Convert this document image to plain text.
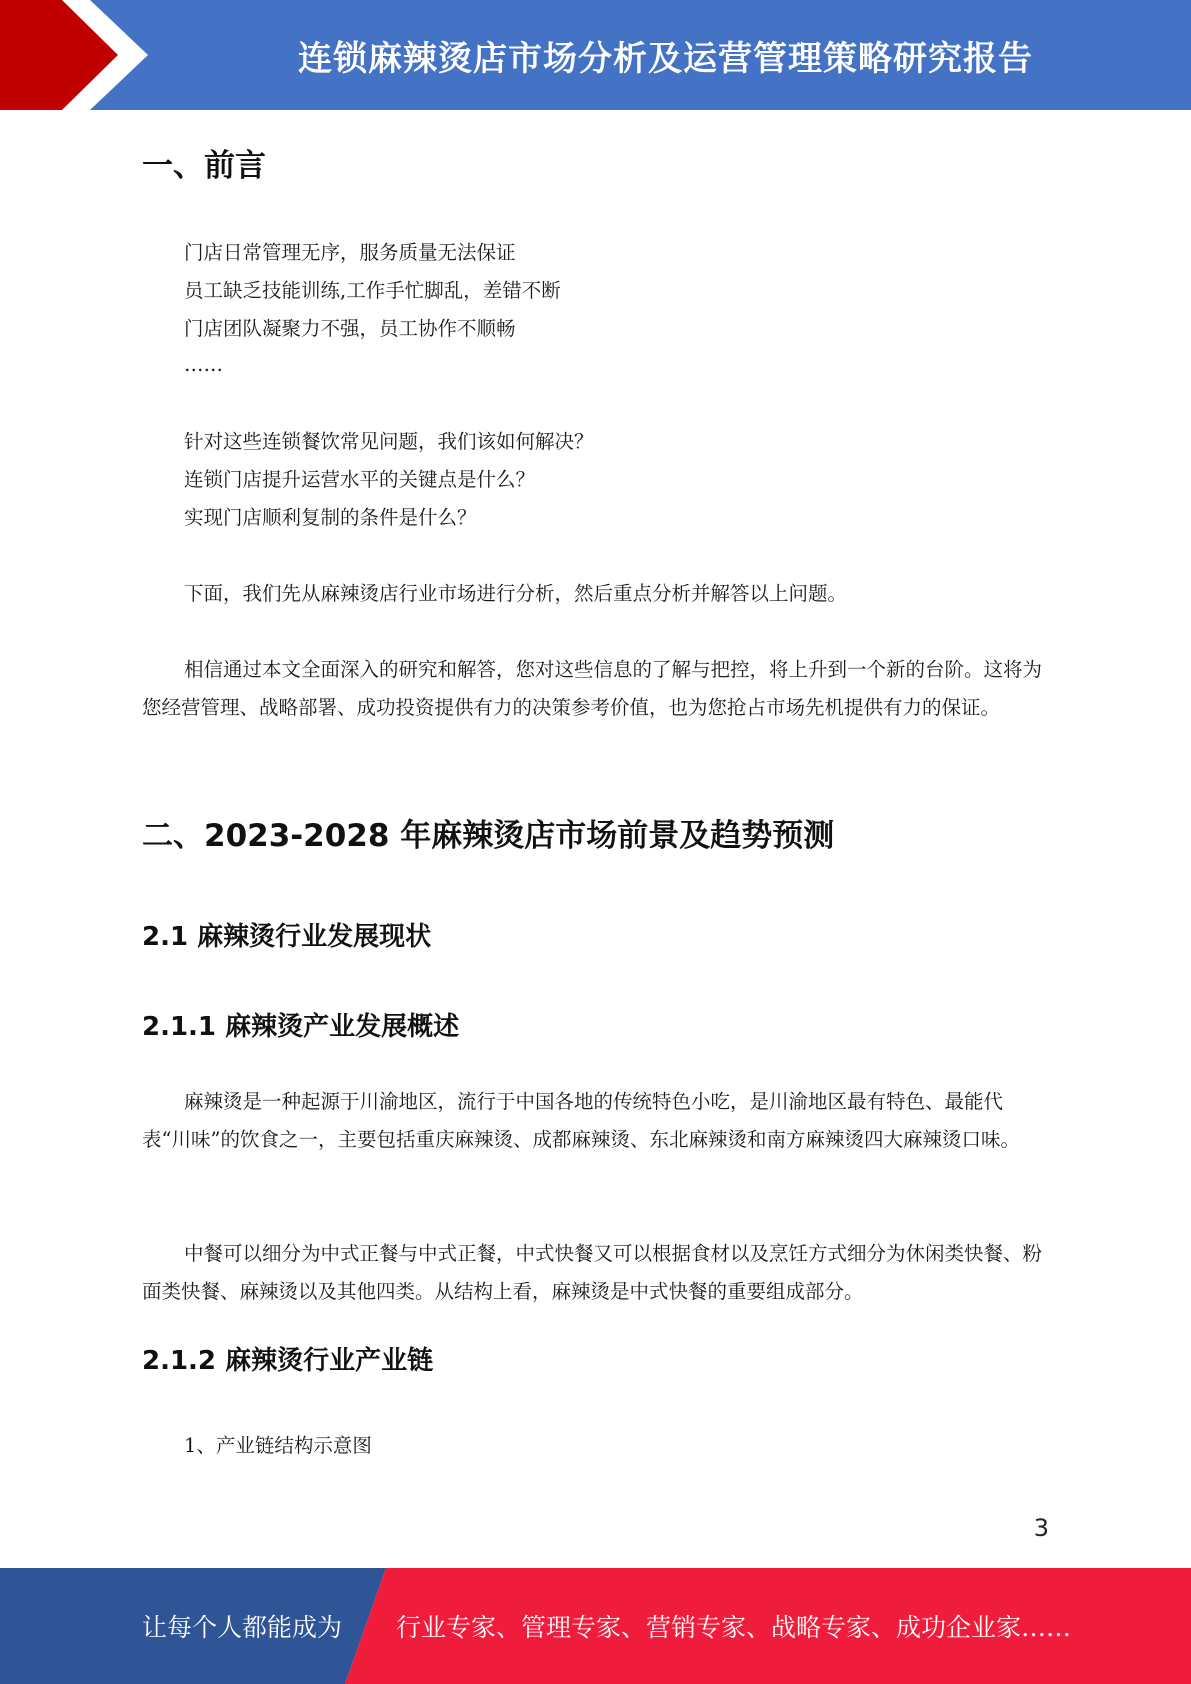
连锁麻辣烫店市场分析及运营管理策略研究报告
一、前言
门店日常管理无序，服务质量无法保证
员工缺乏技能训练,工作手忙脚乱，差错不断
门店团队凝聚力不强，员工协作不顺畅
……
针对这些连锁餐饮常见问题，我们该如何解决？
连锁门店提升运营水平的关键点是什么？
实现门店顺利复制的条件是什么？
下面，我们先从麻辣烫店行业市场进行分析，然后重点分析并解答以上问题。
相信通过本文全面深入的研究和解答，您对这些信息的了解与把控，将上升到一个新的台阶。这将为您经营管理、战略部署、成功投资提供有力的决策参考价值，也为您抢占市场先机提供有力的保证。
二、2023-2028 年麻辣烫店市场前景及趋势预测
2.1 麻辣烫行业发展现状
2.1.1 麻辣烫产业发展概述
麻辣烫是一种起源于川渝地区，流行于中国各地的传统特色小吃，是川渝地区最有特色、最能代表“川味”的饮食之一，主要包括重庆麻辣烫、成都麻辣烫、东北麻辣烫和南方麻辣烫四大麻辣烫口味。
中餐可以细分为中式正餐与中式正餐，中式快餐又可以根据食材以及烹饪方式细分为休闲类快餐、粉面类快餐、麻辣烫以及其他四类。从结构上看，麻辣烫是中式快餐的重要组成部分。
2.1.2 麻辣烫行业产业链
1、产业链结构示意图
3
让每个人都能成为 行业专家、管理专家、营销专家、战略专家、成功企业家……
